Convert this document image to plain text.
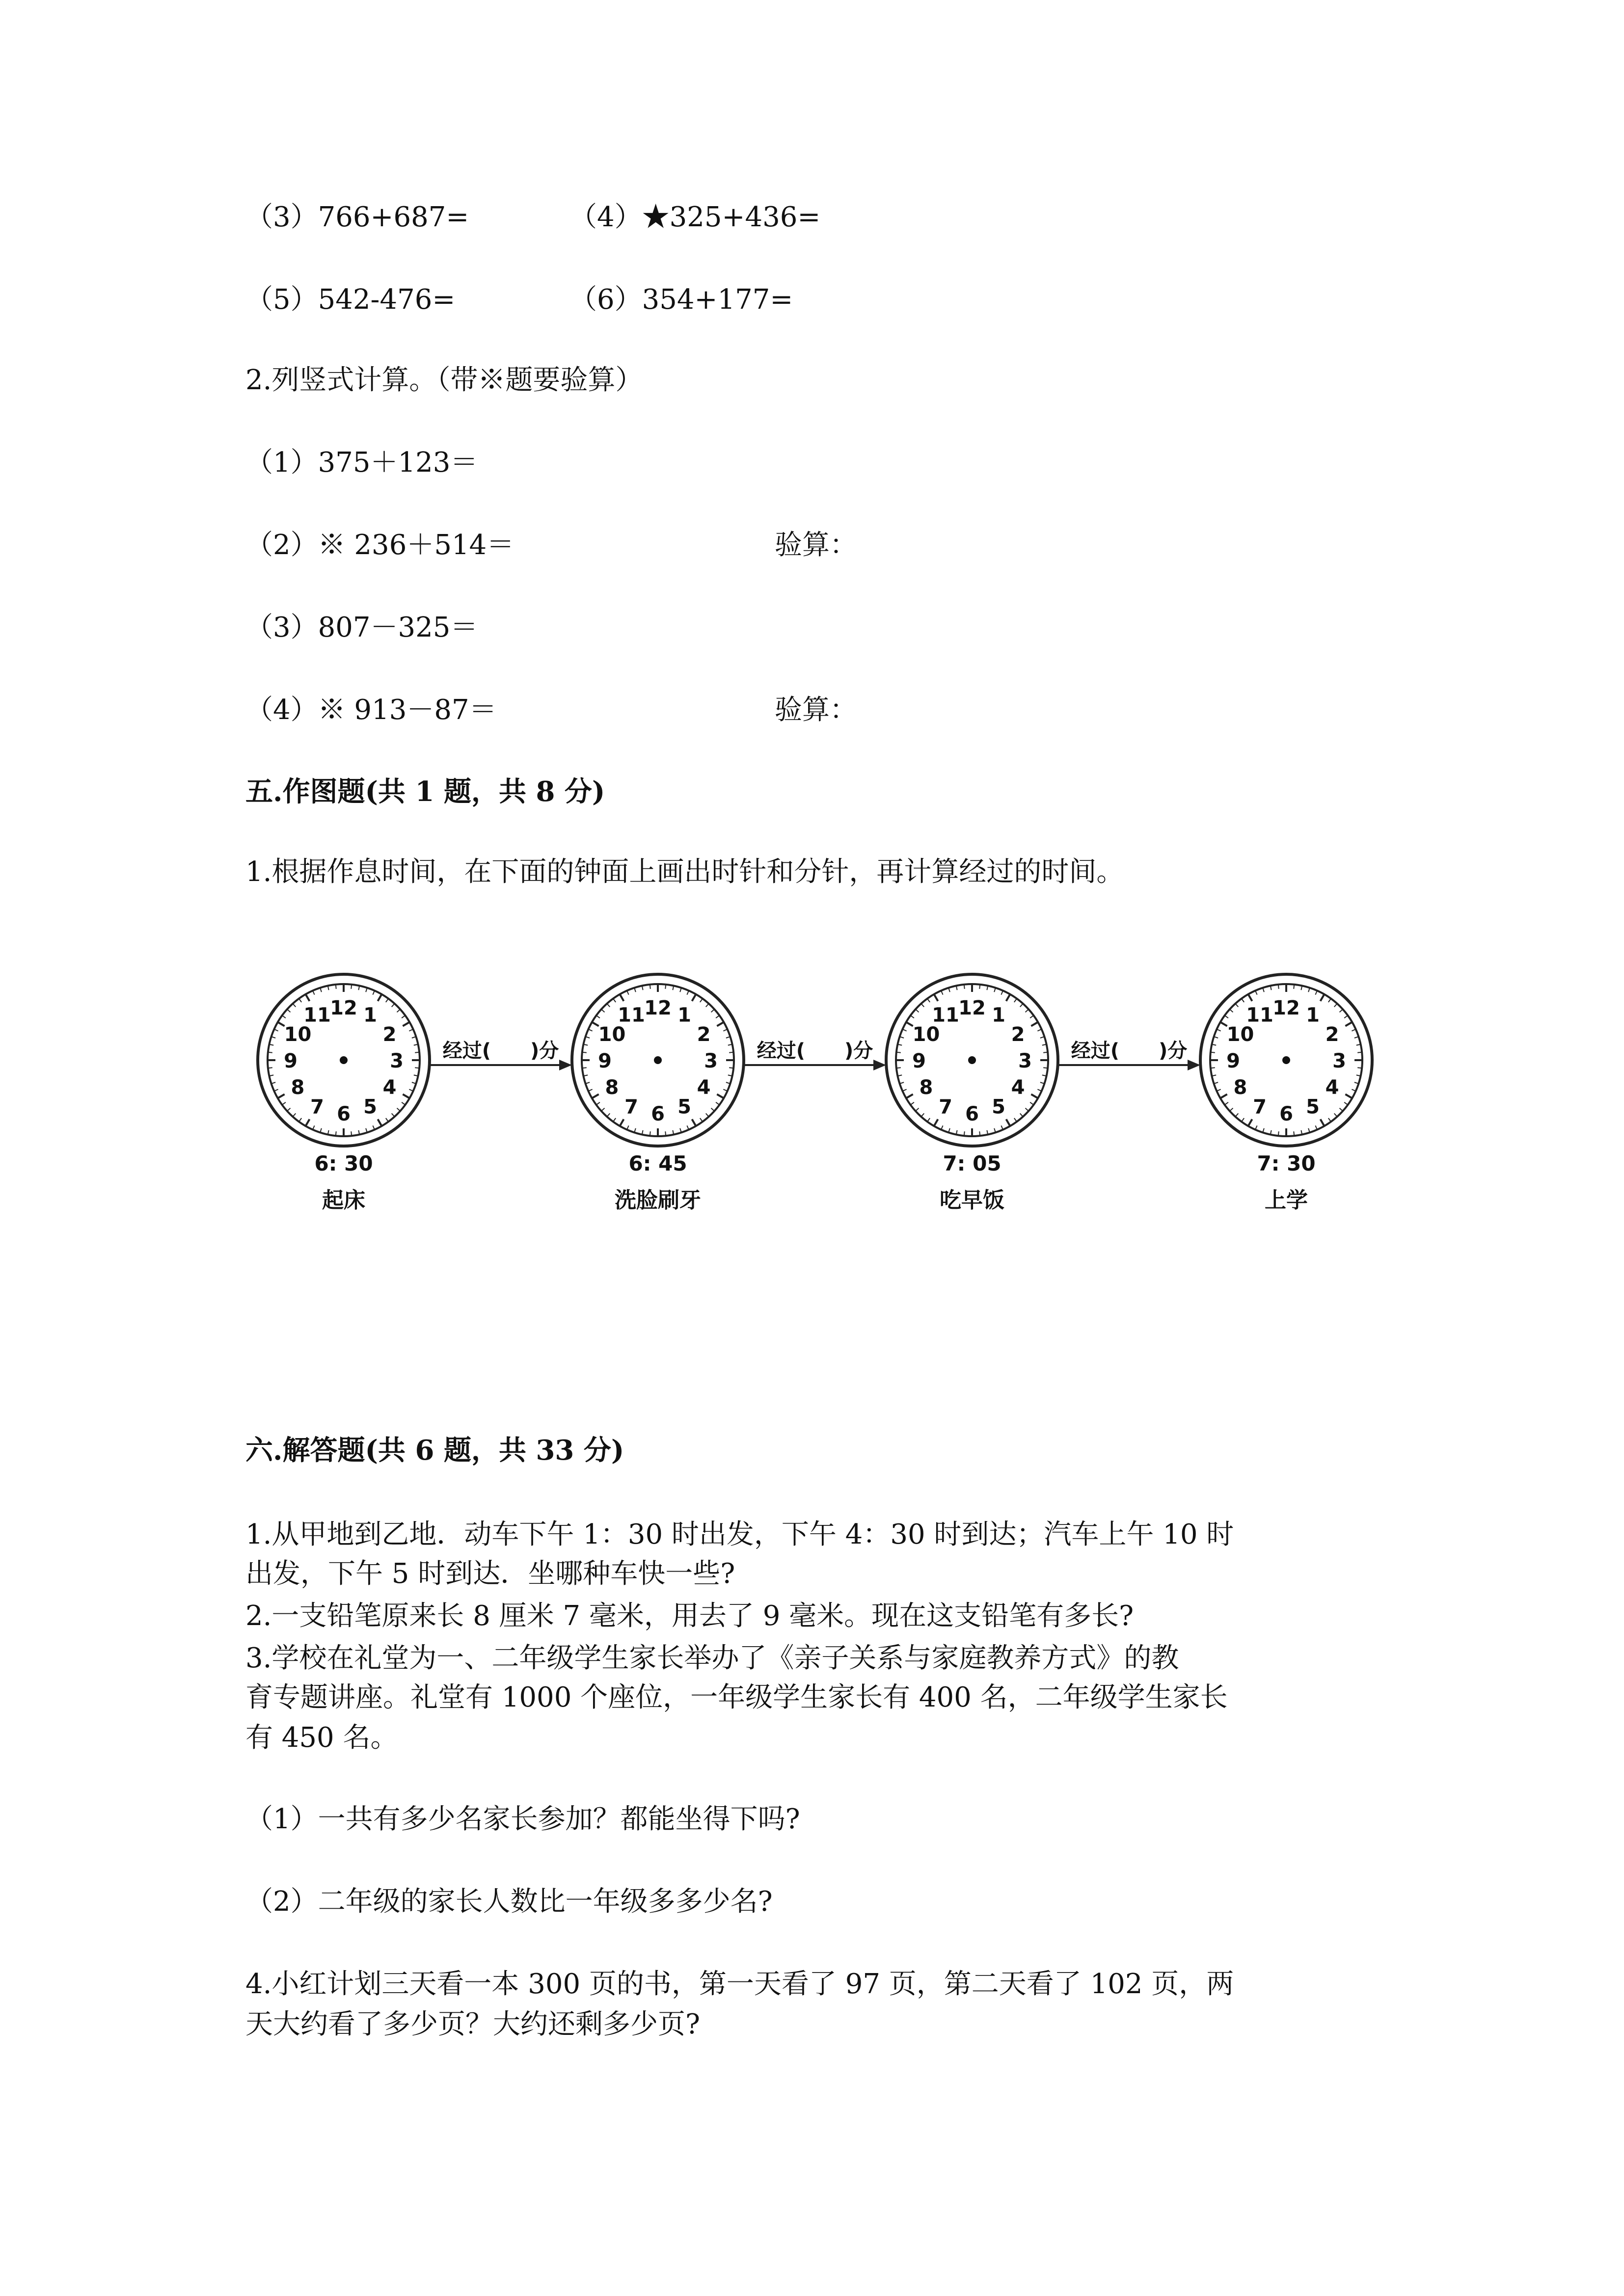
（3）766+687=	（4）★325+436=
（5）542-476=	（6）354+177=
2.列竖式计算。（带※题要验算）
（1）375＋123＝
（2）※ 236＋514＝	验算：
（3）807－325＝
（4）※ 913－87＝	验算：
五.作图题(共 1 题，共 8 分)
1.根据作息时间，在下面的钟面上画出时针和分针，再计算经过的时间。
12 1
2
3
4
5
6
7
8
9
10
11
6: 30
起床
12 1
2
3
4
5
6
7
8
9
10
11
6: 45
洗脸刷牙
12 1
2
3
4
5
6
7
8
9
10
11
7: 05
吃早饭
12 1
2
3
4
5
6
7
8
9
10
11
7: 30
上学
经过(　　)分	经过(　　)分	经过(　　)分
六.解答题(共 6 题，共 33 分)
1.从甲地到乙地．动车下午 1：30 时出发，下午 4：30 时到达；汽车上午 10 时
出发，下午 5 时到达．坐哪种车快一些?
2.一支铅笔原来长 8 厘米 7 毫米，用去了 9 毫米。现在这支铅笔有多长?
3.学校在礼堂为一、二年级学生家长举办了《亲子关系与家庭教养方式》的教
育专题讲座。礼堂有 1000 个座位，一年级学生家长有 400 名，二年级学生家长
有 450 名。
（1）一共有多少名家长参加？都能坐得下吗?
（2）二年级的家长人数比一年级多多少名?
4.小红计划三天看一本 300 页的书，第一天看了 97 页，第二天看了 102 页，两
天大约看了多少页？大约还剩多少页?
